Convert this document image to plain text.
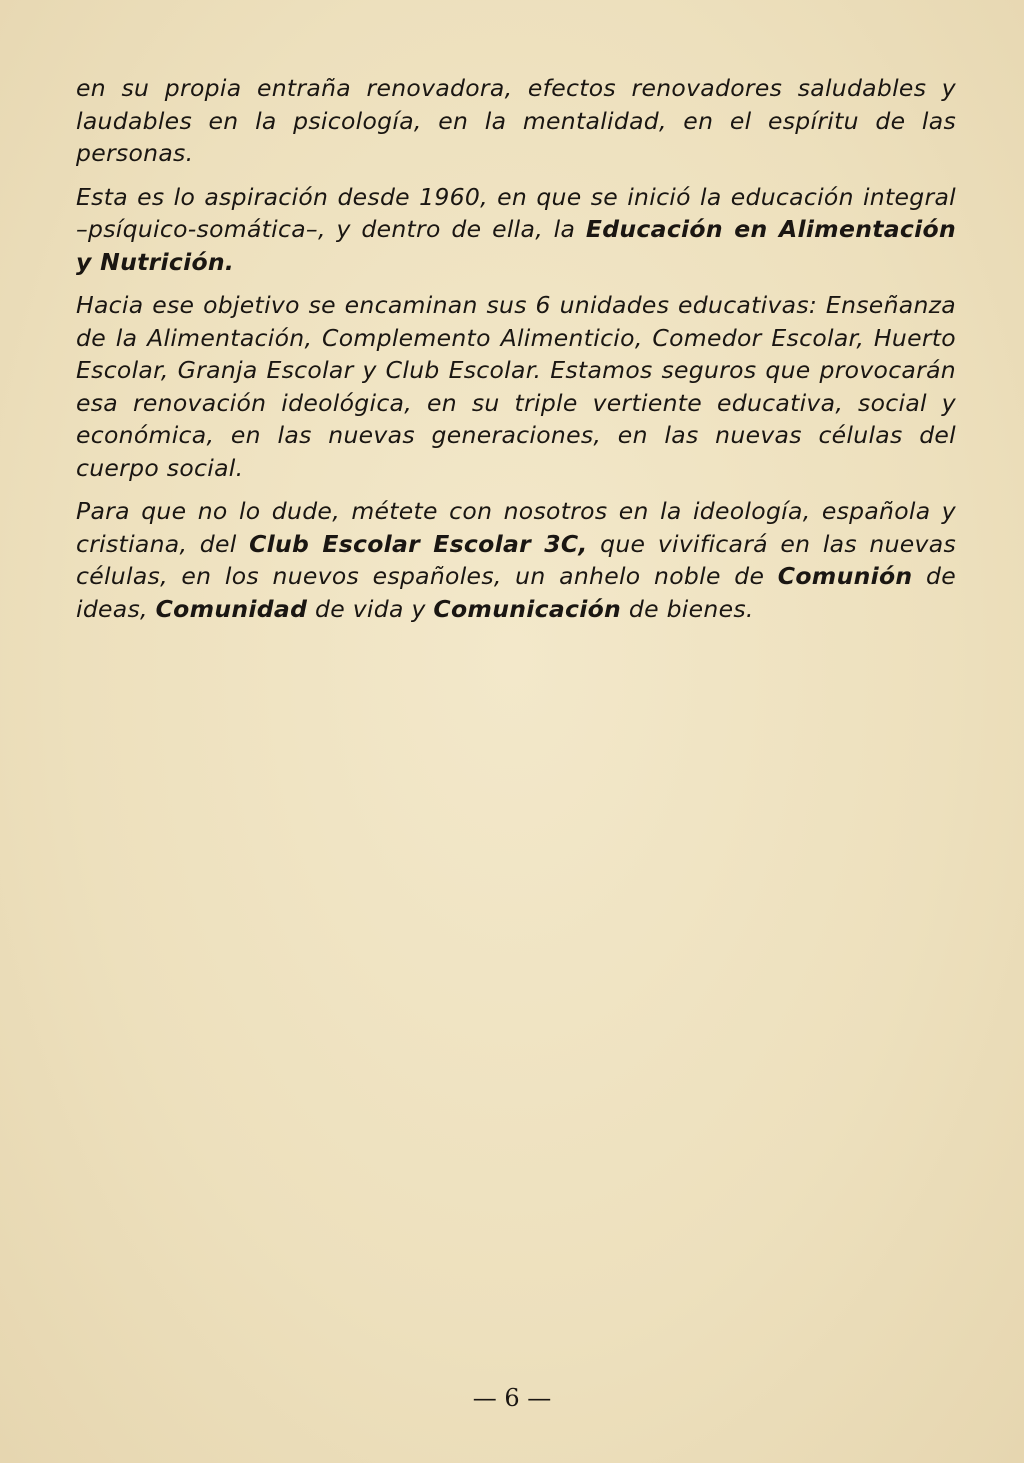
en su propia entraña renovadora, efectos renovadores saludables y laudables en la psicología, en la mentalidad, en el espíritu de las personas.

Esta es lo aspiración desde 1960, en que se inició la educación integral –psíquico-somática–, y dentro de ella, la Educación en Alimentación y Nutrición.

Hacia ese objetivo se encaminan sus 6 unidades educativas: Enseñanza de la Alimentación, Complemento Alimenticio, Comedor Escolar, Huerto Escolar, Granja Escolar y Club Escolar. Estamos seguros que provocarán esa renovación ideológica, en su triple vertiente educativa, social y económica, en las nuevas generaciones, en las nuevas células del cuerpo social.

Para que no lo dude, métete con nosotros en la ideología, española y cristiana, del Club Escolar Escolar 3C, que vivificará en las nuevas células, en los nuevos españoles, un anhelo noble de Comunión de ideas, Comunidad de vida y Comunicación de bienes.

— 6 —
